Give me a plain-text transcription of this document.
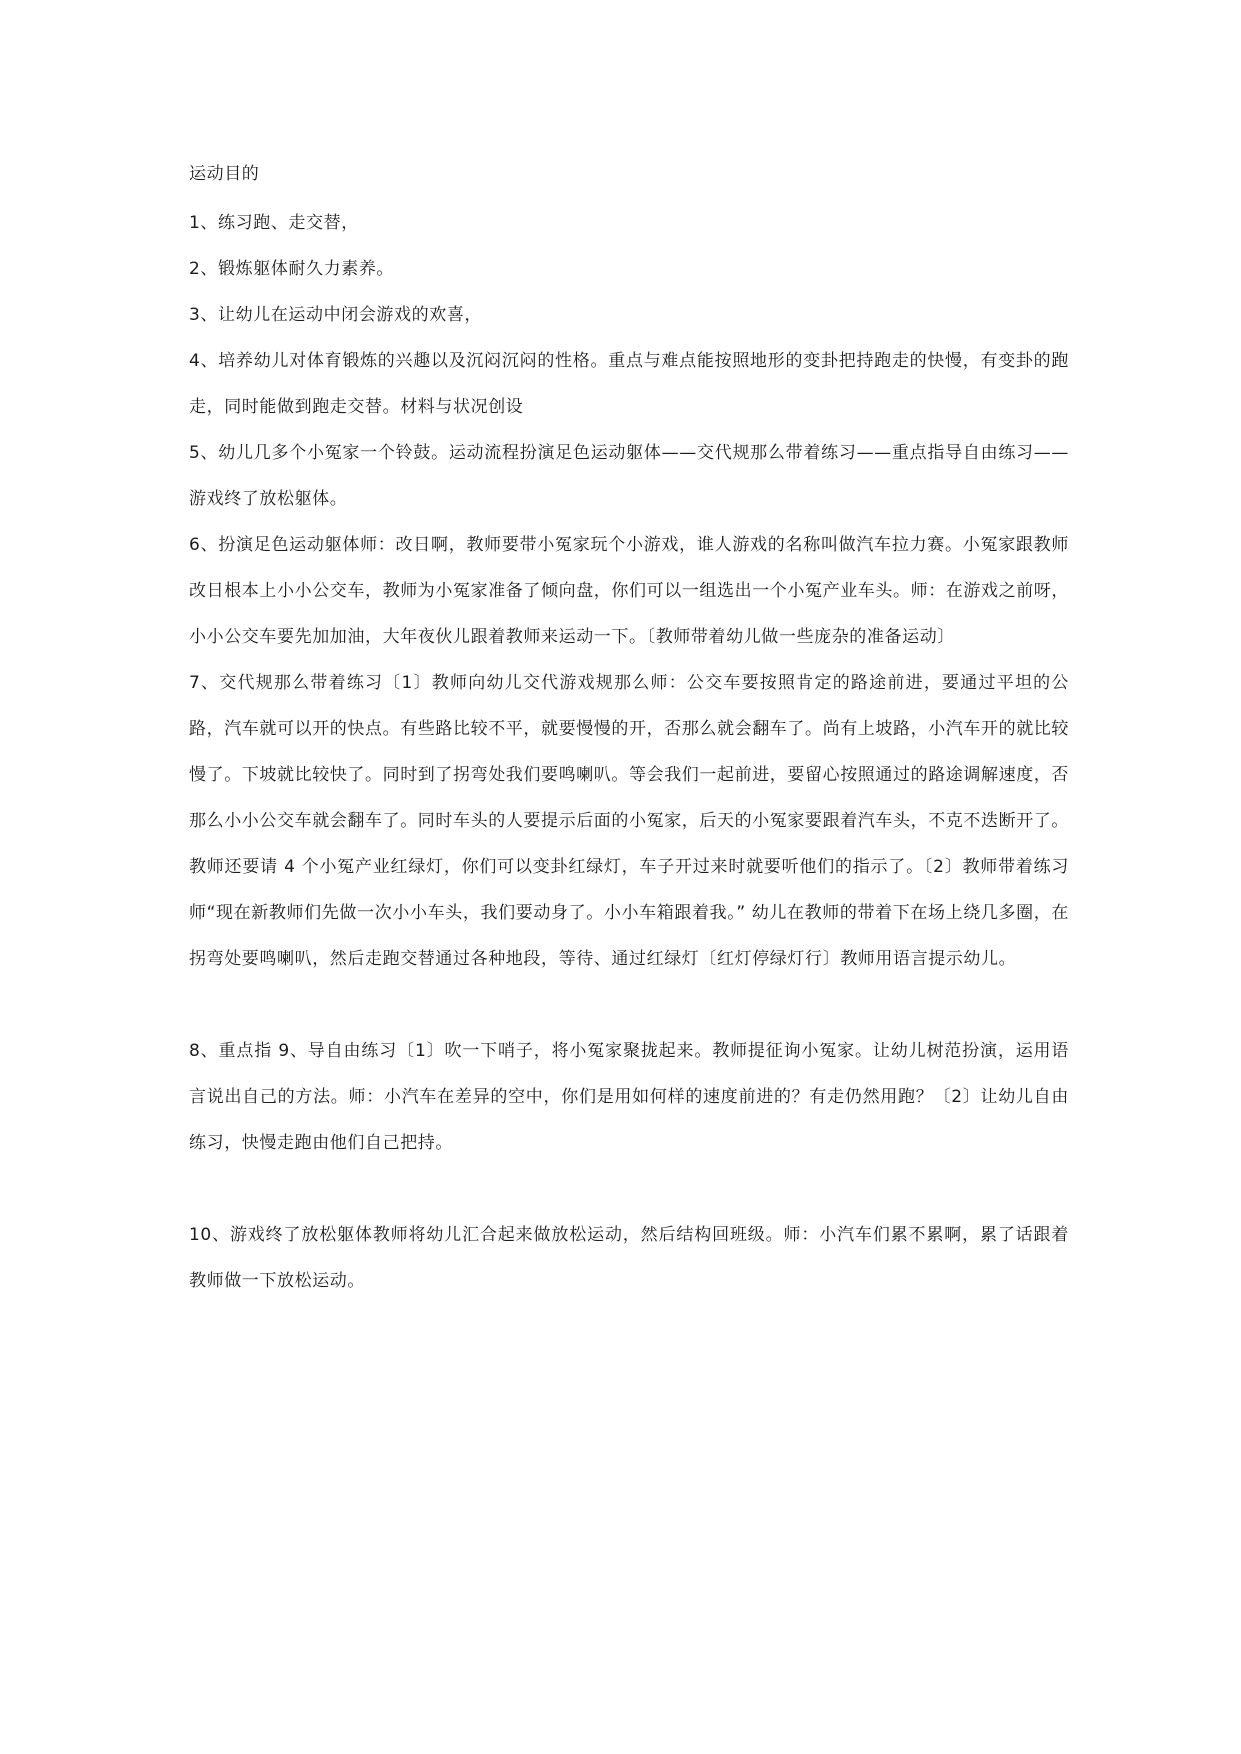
运动目的

1、练习跑、走交替，

2、锻炼躯体耐久力素养。

3、让幼儿在运动中闭会游戏的欢喜，

4、培养幼儿对体育锻炼的兴趣以及沉闷沉闷的性格。重点与难点能按照地形的变卦把持跑走的快慢，有变卦的跑走，同时能做到跑走交替。材料与状况创设

5、幼儿几多个小冤家一个铃鼓。运动流程扮演足色运动躯体——交代规那么带着练习——重点指导自由练习——游戏终了放松躯体。

6、扮演足色运动躯体师：改日啊，教师要带小冤家玩个小游戏，谁人游戏的名称叫做汽车拉力赛。小冤家跟教师改日根本上小小公交车，教师为小冤家准备了倾向盘，你们可以一组选出一个小冤产业车头。师：在游戏之前呀，小小公交车要先加加油，大年夜伙儿跟着教师来运动一下。〔教师带着幼儿做一些庞杂的准备运动〕

7、交代规那么带着练习〔1〕教师向幼儿交代游戏规那么师：公交车要按照肯定的路途前进，要通过平坦的公路，汽车就可以开的快点。有些路比较不平，就要慢慢的开，否那么就会翻车了。尚有上坡路，小汽车开的就比较慢了。下坡就比较快了。同时到了拐弯处我们要鸣喇叭。等会我们一起前进，要留心按照通过的路途调解速度，否那么小小公交车就会翻车了。同时车头的人要提示后面的小冤家，后天的小冤家要跟着汽车头，不克不迭断开了。教师还要请 4 个小冤产业红绿灯，你们可以变卦红绿灯，车子开过来时就要听他们的指示了。〔2〕教师带着练习师“现在新教师们先做一次小小车头，我们要动身了。小小车箱跟着我。” 幼儿在教师的带着下在场上绕几多圈，在拐弯处要鸣喇叭，然后走跑交替通过各种地段，等待、通过红绿灯〔红灯停绿灯行〕教师用语言提示幼儿。

8、重点指 9、导自由练习〔1〕吹一下哨子，将小冤家聚拢起来。教师提征询小冤家。让幼儿树范扮演，运用语言说出自己的方法。师：小汽车在差异的空中，你们是用如何样的速度前进的？有走仍然用跑？〔2〕让幼儿自由练习，快慢走跑由他们自己把持。

10、游戏终了放松躯体教师将幼儿汇合起来做放松运动，然后结构回班级。师：小汽车们累不累啊，累了话跟着教师做一下放松运动。
